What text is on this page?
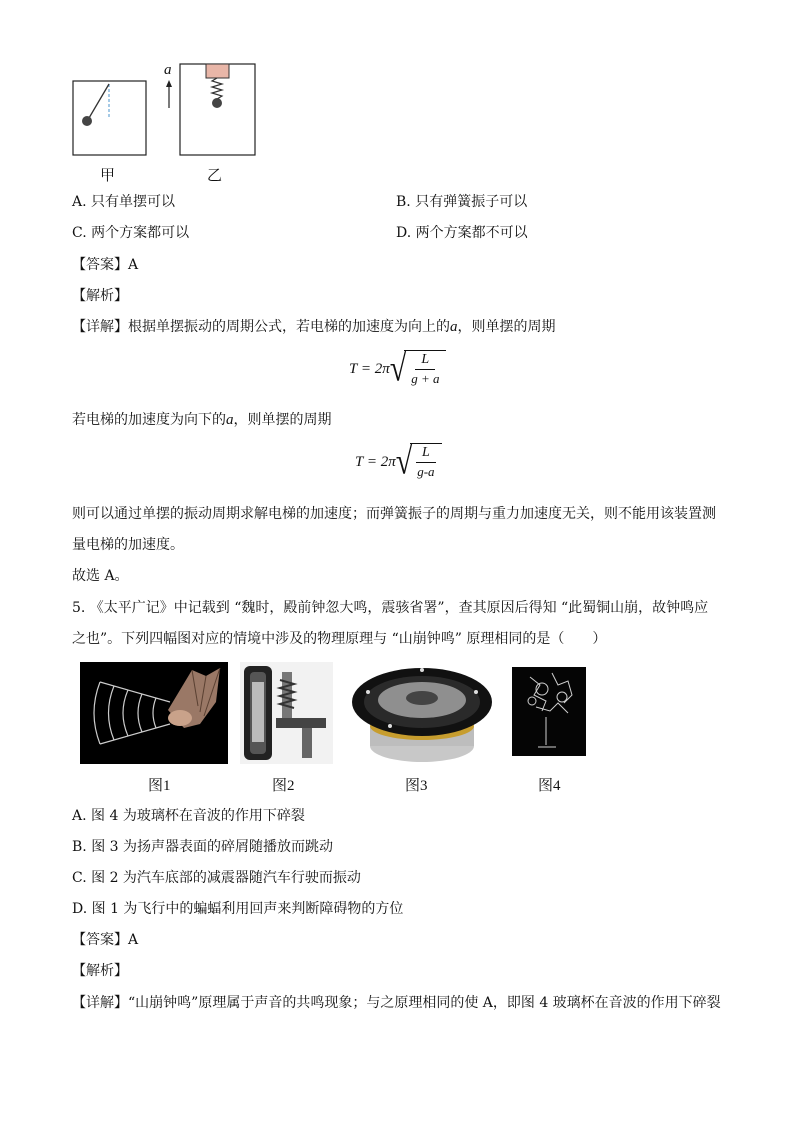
甲
a
乙
A. 只有单摆可以	B. 只有弹簧振子可以
C. 两个方案都可以	D. 两个方案都不可以
【答案】A
【解析】
【详解】根据单摆振动的周期公式，若电梯的加速度为向上的a，则单摆的周期
T = 2π √
$\frac{L}{g + a}$
若电梯的加速度为向下的a，则单摆的周期
T = 2π √
$\frac{L}{g-a}$
则可以通过单摆的振动周期求解电梯的加速度；而弹簧振子的周期与重力加速度无关，则不能用该装置测
量电梯的加速度。
故选 A。
5. 《太平广记》中记载到 “魏时，殿前钟忽大鸣，震骇省署”，查其原因后得知 “此蜀铜山崩，故钟鸣应
之也”。下列四幅图对应的情境中涉及的物理原理与 “山崩钟鸣” 原理相同的是（　　）
图1	图2	图3	图4
A. 图 4 为玻璃杯在音波的作用下碎裂
B. 图 3 为扬声器表面的碎屑随播放而跳动
C. 图 2 为汽车底部的减震器随汽车行驶而振动
D. 图 1 为飞行中的蝙蝠利用回声来判断障碍物的方位
【答案】A
【解析】
【详解】“山崩钟鸣”原理属于声音的共鸣现象；与之原理相同的使 A，即图 4 玻璃杯在音波的作用下碎裂
